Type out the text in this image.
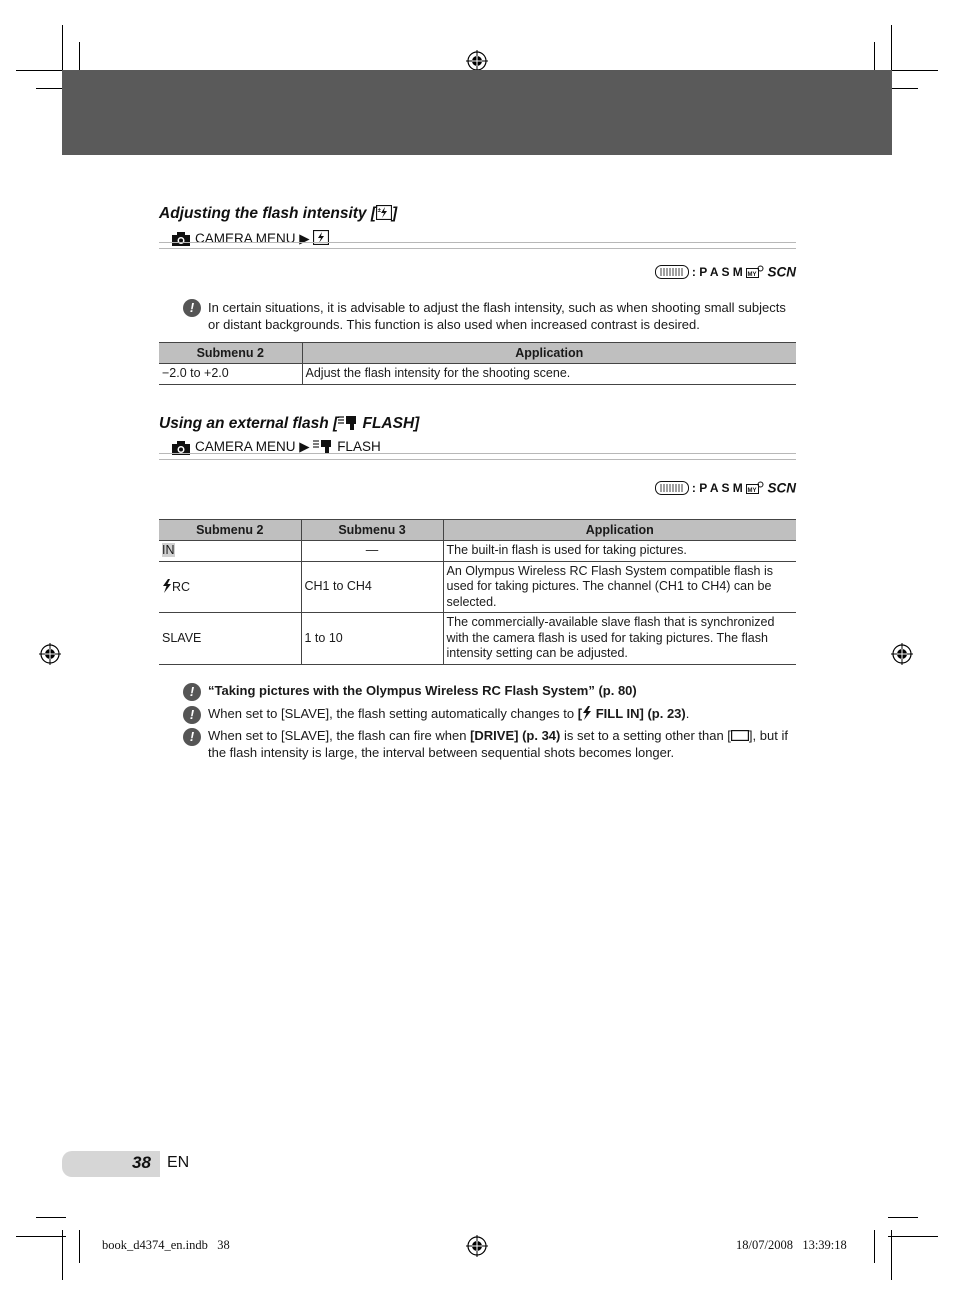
Adjusting the flash intensity [ ± ]
CAMERA MENU ▶
: P A S M MY SCN
!	In certain situations, it is advisable to adjust the flash intensity, such as when shooting small subjects or distant backgrounds. This function is also used when increased contrast is desired.
Submenu 2	Application
−2.0 to +2.0	Adjust the flash intensity for the shooting scene.
Using an external flash [ FLASH]
CAMERA MENU ▶ FLASH
: P A S M MY SCN
Submenu 2	Submenu 3	Application
IN	—	The built-in flash is used for taking pictures.
RC	CH1 to CH4	An Olympus Wireless RC Flash System compatible flash is used for taking pictures. The channel (CH1 to CH4) can be selected.
SLAVE	1 to 10	The commercially-available slave flash that is synchronized with the camera flash is used for taking pictures. The flash intensity setting can be adjusted.
!	“Taking pictures with the Olympus Wireless RC Flash System” (p. 80)
!	When set to [SLAVE], the flash setting automatically changes to [ FILL IN] (p. 23).
!	When set to [SLAVE], the flash can fire when [DRIVE] (p. 34) is set to a setting other than [ ], but if the flash intensity is large, the interval between sequential shots becomes longer.
38 EN
book_d4374_en.indb   38	18/07/2008   13:39:18
